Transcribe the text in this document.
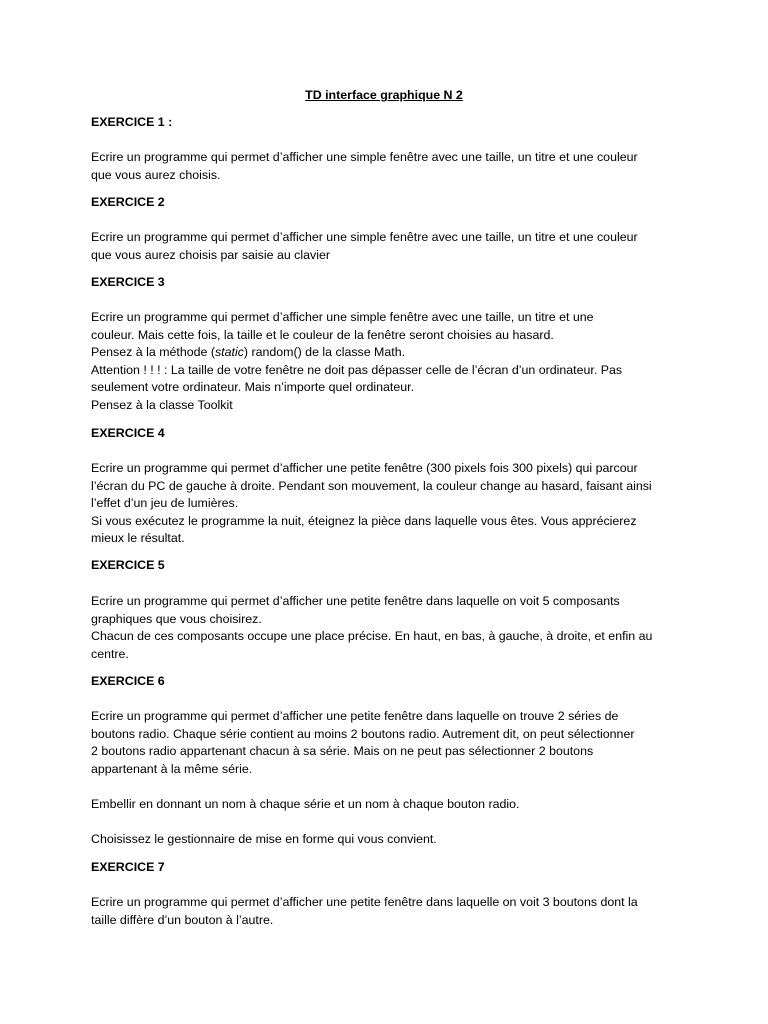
TD interface graphique N 2
EXERCICE 1 :
Ecrire un programme qui permet d’afficher une simple fenêtre avec une taille, un titre et une couleur
que vous aurez choisis.
EXERCICE 2
Ecrire un programme qui permet d’afficher une simple fenêtre avec une taille, un titre et une couleur
que vous aurez choisis par saisie au clavier
EXERCICE 3
Ecrire un programme qui permet d’afficher une simple fenêtre avec une taille, un titre et une
couleur. Mais cette fois, la taille et le couleur de la fenêtre seront choisies au hasard.
Pensez à la méthode (static) random() de la classe Math.
Attention ! ! ! : La taille de votre fenêtre ne doit pas dépasser celle de l’écran d’un ordinateur. Pas
seulement votre ordinateur. Mais n’importe quel ordinateur.
Pensez à la classe Toolkit
EXERCICE 4
Ecrire un programme qui permet d’afficher une petite fenêtre (300 pixels fois 300 pixels) qui parcour
l’écran du PC de gauche à droite. Pendant son mouvement, la couleur change au hasard, faisant ainsi
l’effet d’un jeu de lumières.
Si vous exécutez le programme la nuit, éteignez la pièce dans laquelle vous êtes. Vous apprécierez
mieux le résultat.
EXERCICE 5
Ecrire un programme qui permet d’afficher une petite fenêtre dans laquelle on voit 5 composants
graphiques que vous choisirez.
Chacun de ces composants occupe une place précise. En haut, en bas, à gauche, à droite, et enfin au
centre.
EXERCICE 6
Ecrire un programme qui permet d’afficher une petite fenêtre dans laquelle on trouve 2 séries de
boutons radio. Chaque série contient au moins 2 boutons radio. Autrement dit, on peut sélectionner
2 boutons radio appartenant chacun à sa série. Mais on ne peut pas sélectionner 2 boutons
appartenant à la même série.
Embellir en donnant un nom à chaque série et un nom à chaque bouton radio.
Choisissez le gestionnaire de mise en forme qui vous convient.
EXERCICE 7
Ecrire un programme qui permet d’afficher une petite fenêtre dans laquelle on voit 3 boutons dont la
taille diffère d’un bouton à l’autre.
